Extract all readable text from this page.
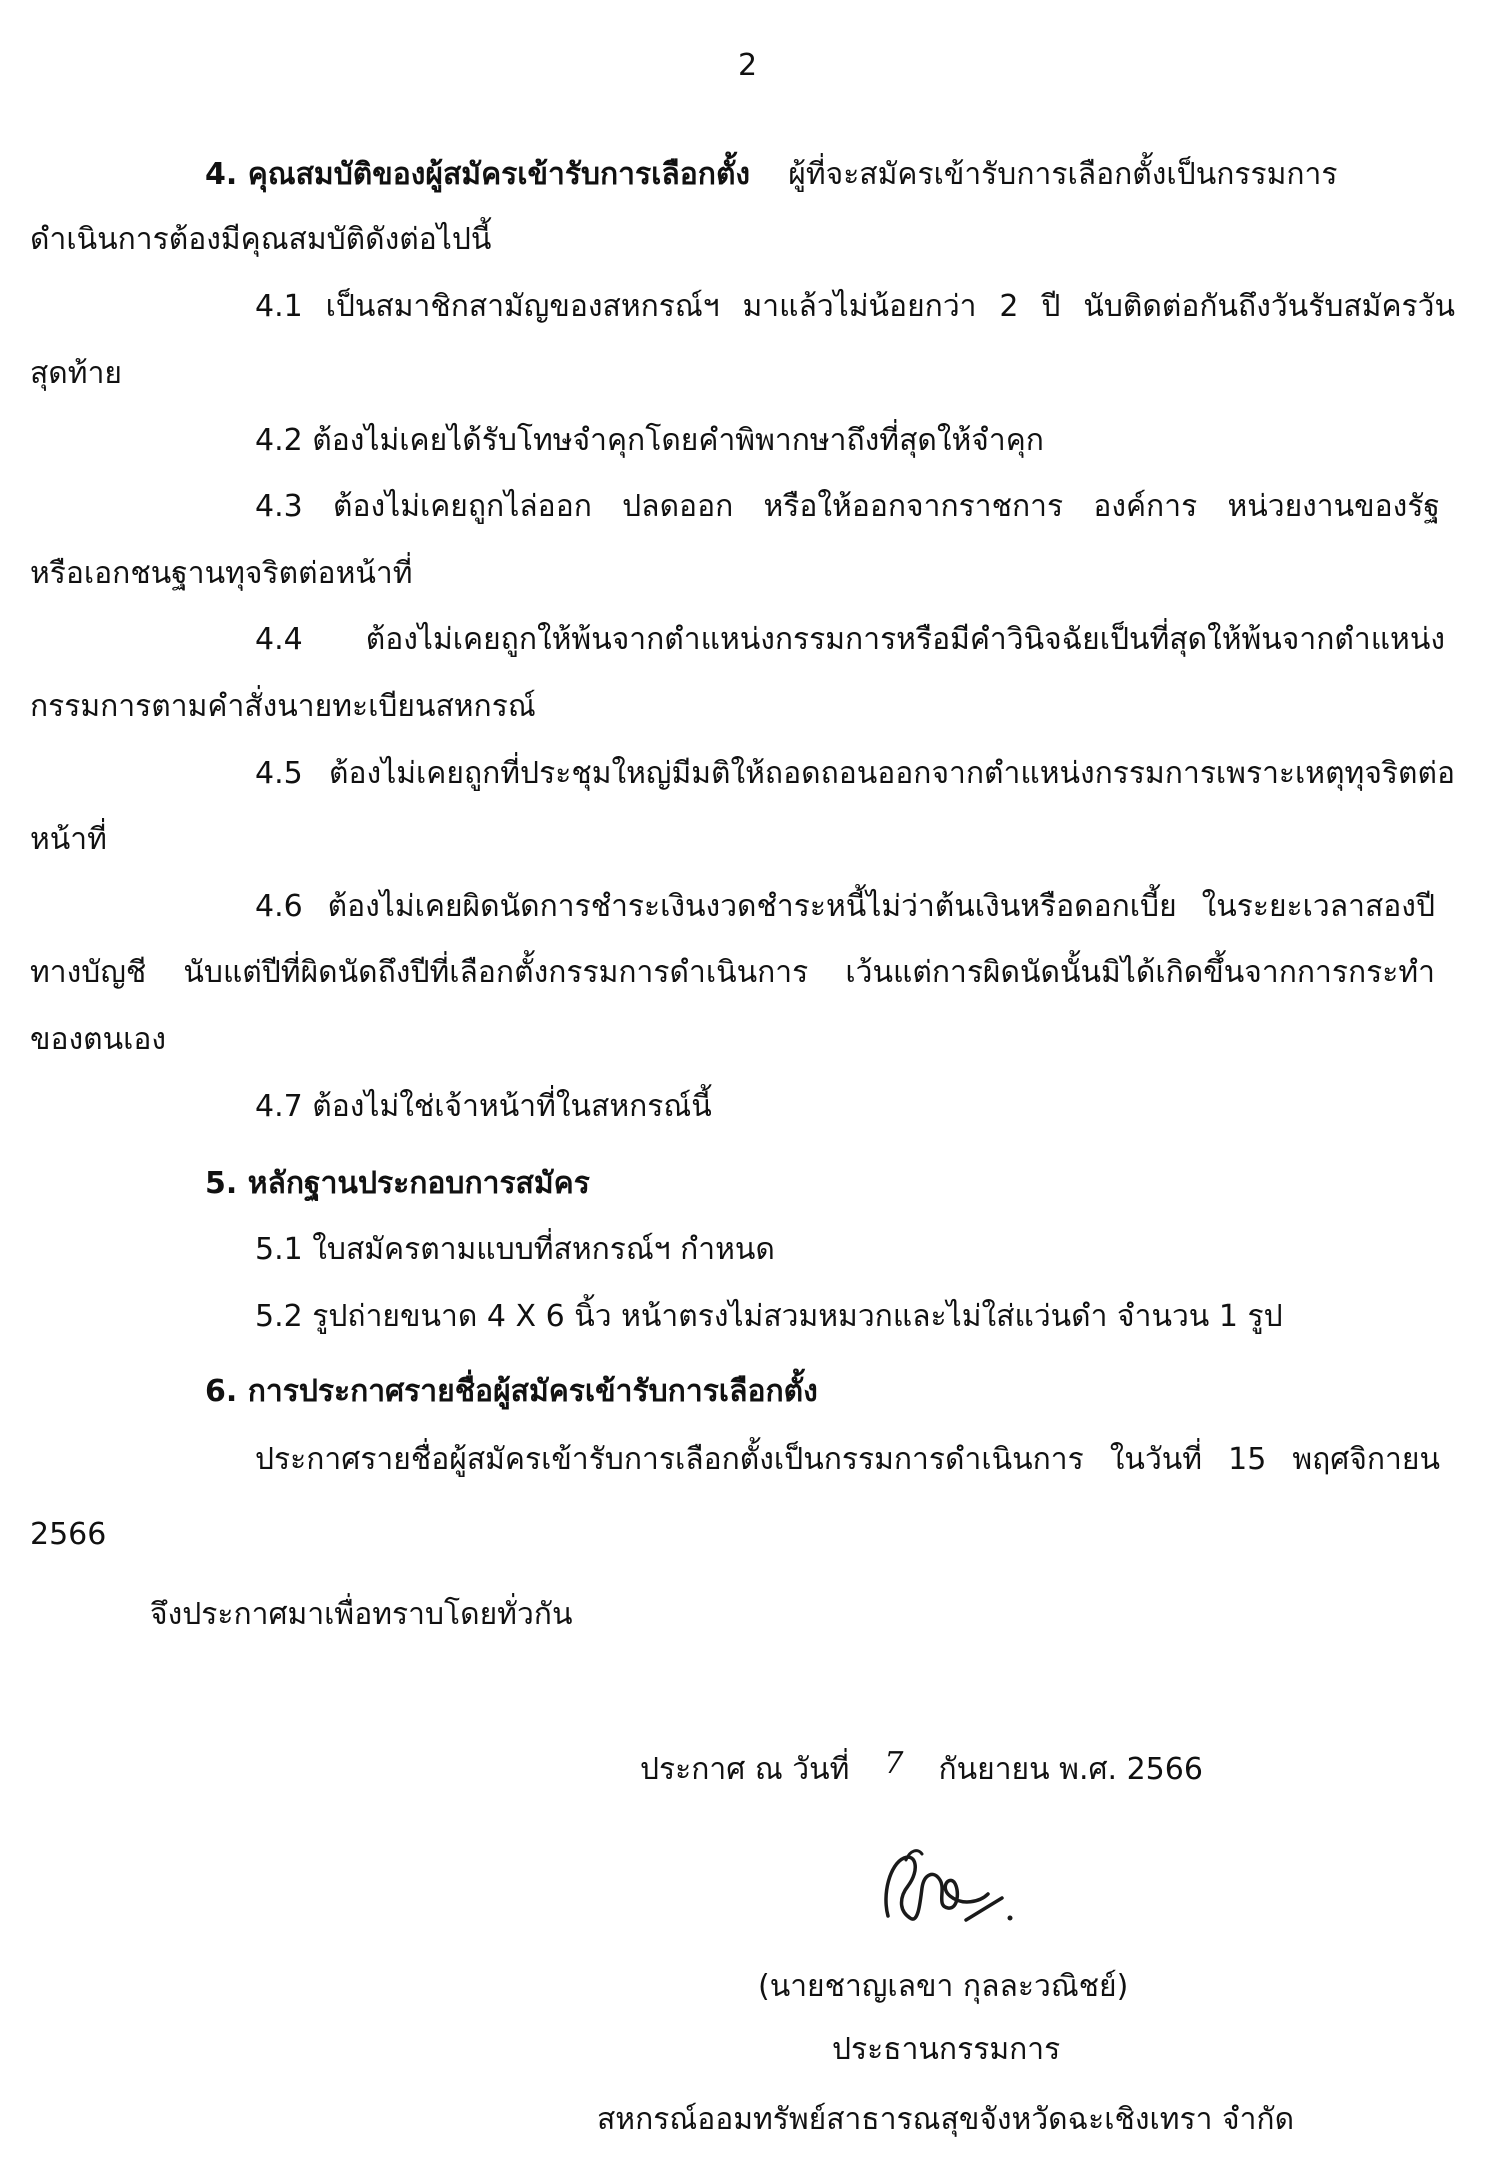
2
4. คุณสมบัติของผู้สมัครเข้ารับการเลือกตั้ง ผู้ที่จะสมัครเข้ารับการเลือกตั้งเป็นกรรมการ
ดำเนินการต้องมีคุณสมบัติดังต่อไปนี้
4.1 เป็นสมาชิกสามัญของสหกรณ์ฯ มาแล้วไม่น้อยกว่า 2 ปี นับติดต่อกันถึงวันรับสมัครวัน
สุดท้าย
4.2 ต้องไม่เคยได้รับโทษจำคุกโดยคำพิพากษาถึงที่สุดให้จำคุก
4.3 ต้องไม่เคยถูกไล่ออก ปลดออก หรือให้ออกจากราชการ องค์การ หน่วยงานของรัฐ
หรือเอกชนฐานทุจริตต่อหน้าที่
4.4 ต้องไม่เคยถูกให้พ้นจากตำแหน่งกรรมการหรือมีคำวินิจฉัยเป็นที่สุดให้พ้นจากตำแหน่ง
กรรมการตามคำสั่งนายทะเบียนสหกรณ์
4.5 ต้องไม่เคยถูกที่ประชุมใหญ่มีมติให้ถอดถอนออกจากตำแหน่งกรรมการเพราะเหตุทุจริตต่อ
หน้าที่
4.6 ต้องไม่เคยผิดนัดการชำระเงินงวดชำระหนี้ไม่ว่าต้นเงินหรือดอกเบี้ย ในระยะเวลาสองปี
ทางบัญชี นับแต่ปีที่ผิดนัดถึงปีที่เลือกตั้งกรรมการดำเนินการ เว้นแต่การผิดนัดนั้นมิได้เกิดขึ้นจากการกระทำ
ของตนเอง
4.7 ต้องไม่ใช่เจ้าหน้าที่ในสหกรณ์นี้
5. หลักฐานประกอบการสมัคร
5.1 ใบสมัครตามแบบที่สหกรณ์ฯ กำหนด
5.2 รูปถ่ายขนาด 4 X 6 นิ้ว หน้าตรงไม่สวมหมวกและไม่ใส่แว่นดำ จำนวน 1 รูป
6. การประกาศรายชื่อผู้สมัครเข้ารับการเลือกตั้ง
ประกาศรายชื่อผู้สมัครเข้ารับการเลือกตั้งเป็นกรรมการดำเนินการ ในวันที่ 15 พฤศจิกายน
2566
จึงประกาศมาเพื่อทราบโดยทั่วกัน
ประกาศ ณ วันที่ 7 กันยายน พ.ศ. 2566
(นายชาญเลขา กุลละวณิชย์)
ประธานกรรมการ
สหกรณ์ออมทรัพย์สาธารณสุขจังหวัดฉะเชิงเทรา จำกัด
